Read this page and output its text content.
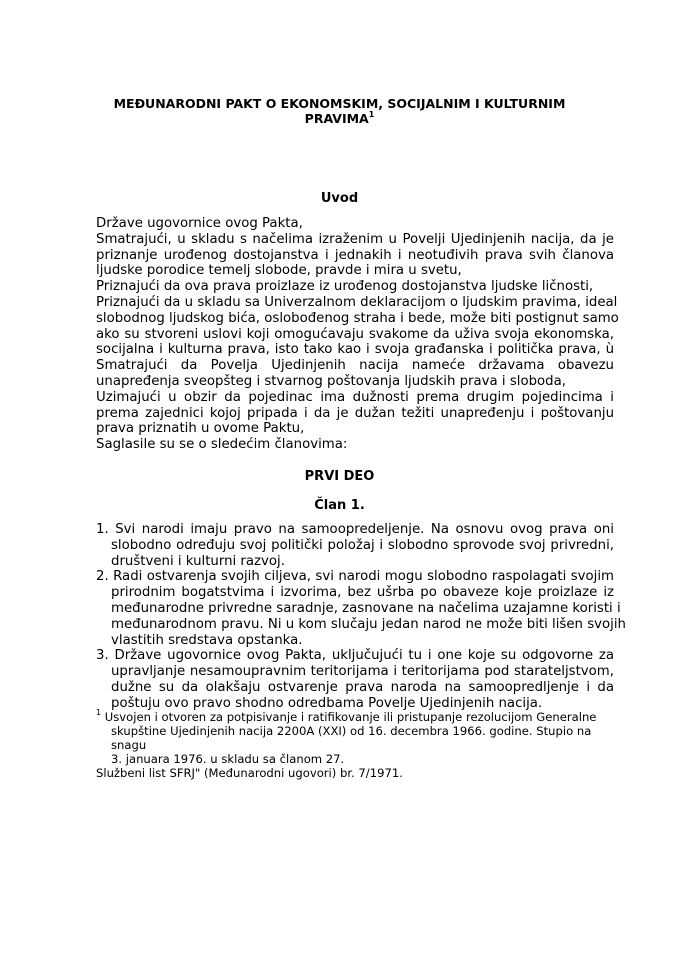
MEĐUNARODNI PAKT O EKONOMSKIM, SOCIJALNIM I KULTURNIM
PRAVIMA$^1$
Uvod
Države ugovornice ovog Pakta,
Smatrajući, u skladu s načelima izraženim u Povelji Ujedinjenih nacija, da je
priznanje urođenog dostojanstva i jednakih i neotuđivih prava svih članova
ljudske porodice temelj slobode, pravde i mira u svetu,
Priznajući da ova prava proizlaze iz urođenog dostojanstva ljudske ličnosti,
Priznajući da u skladu sa Univerzalnom deklaracijom o ljudskim pravima, ideal
slobodnog ljudskog bića, oslobođenog straha i bede, može biti postignut samo
ako su stvoreni uslovi koji omogućavaju svakome da uživa svoja ekonomska,
socijalna i kulturna prava, isto tako kao i svoja građanska i politička prava, ù
Smatrajući da Povelja Ujedinjenih nacija nameće državama obavezu
unapređenja sveopšteg i stvarnog poštovanja ljudskih prava i sloboda,
Uzimajući u obzir da pojedinac ima dužnosti prema drugim pojedincima i
prema zajednici kojoj pripada i da je dužan težiti unapređenju i poštovanju
prava priznatih u ovome Paktu,
Saglasile su se o sledećim članovima:
PRVI DEO
Član 1.
1. Svi narodi imaju pravo na samoopredeljenje. Na osnovu ovog prava oni
slobodno određuju svoj politički položaj i slobodno sprovode svoj privredni,
društveni i kulturni razvoj.
2. Radi ostvarenja svojih ciljeva, svi narodi mogu slobodno raspolagati svojim
prirodnim bogatstvima i izvorima, bez ušrba po obaveze koje proizlaze iz
međunarodne privredne saradnje, zasnovane na načelima uzajamne koristi i
međunarodnom pravu. Ni u kom slučaju jedan narod ne može biti lišen svojih
vlastitih sredstava opstanka.
3. Države ugovornice ovog Pakta, uključujući tu i one koje su odgovorne za
upravljanje nesamoupravnim teritorijama i teritorijama pod starateljstvom,
dužne su da olakšaju ostvarenje prava naroda na samoopredljenje i da
poštuju ovo pravo shodno odredbama Povelje Ujedinjenih nacija.
$^1$ Usvojen i otvoren za potpisivanje i ratifikovanje ili pristupanje rezolucijom Generalne
skupštine Ujedinjenih nacija 2200A (XXI) od 16. decembra 1966. godine. Stupio na snagu
3. januara 1976. u skladu sa članom 27.
Službeni list SFRJ" (Međunarodni ugovori) br. 7/1971.
